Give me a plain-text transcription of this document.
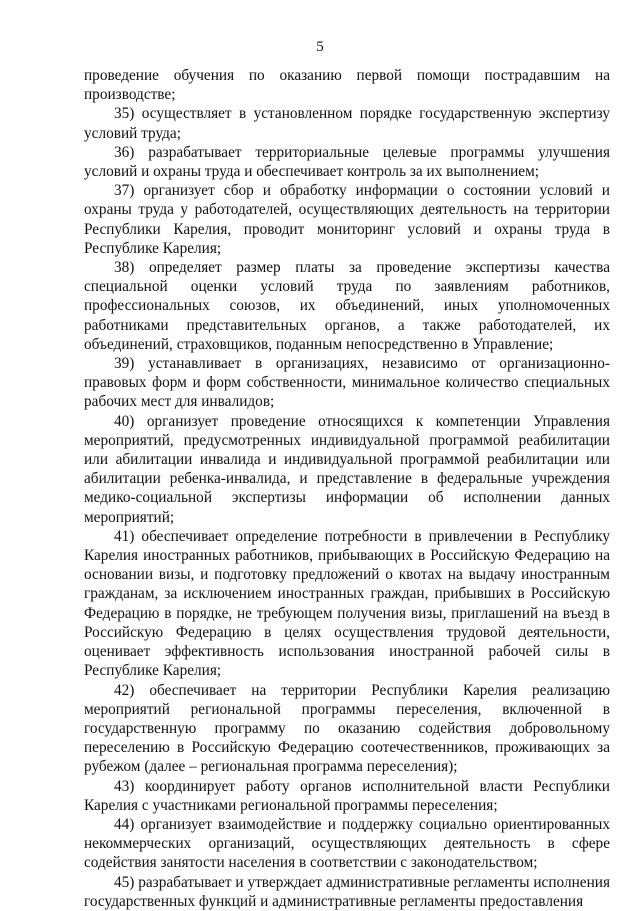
5

проведение обучения по оказанию первой помощи пострадавшим на производстве;

35) осуществляет в установленном порядке государственную экспертизу условий труда;

36) разрабатывает территориальные целевые программы улучшения условий и охраны труда и обеспечивает контроль за их выполнением;

37) организует сбор и обработку информации о состоянии условий и охраны труда у работодателей, осуществляющих деятельность на территории Республики Карелия, проводит мониторинг условий и охраны труда в Республике Карелия;

38) определяет размер платы за проведение экспертизы качества специальной оценки условий труда по заявлениям работников, профессиональных союзов, их объединений, иных уполномоченных работниками представительных органов, а также работодателей, их объединений, страховщиков, поданным непосредственно в Управление;

39) устанавливает в организациях, независимо от организационно-правовых форм и форм собственности, минимальное количество специальных рабочих мест для инвалидов;

40) организует проведение относящихся к компетенции Управления мероприятий, предусмотренных индивидуальной программой реабилитации или абилитации инвалида и индивидуальной программой реабилитации или абилитации ребенка-инвалида, и представление в федеральные учреждения медико-социальной экспертизы информации об исполнении данных мероприятий;

41) обеспечивает определение потребности в привлечении в Республику Карелия иностранных работников, прибывающих в Российскую Федерацию на основании визы, и подготовку предложений о квотах на выдачу иностранным гражданам, за исключением иностранных граждан, прибывших в Российскую Федерацию в порядке, не требующем получения визы, приглашений на въезд в Российскую Федерацию в целях осуществления трудовой деятельности, оценивает эффективность использования иностранной рабочей силы в Республике Карелия;

42) обеспечивает на территории Республики Карелия реализацию мероприятий региональной программы переселения, включенной в государственную программу по оказанию содействия добровольному переселению в Российскую Федерацию соотечественников, проживающих за рубежом (далее – региональная программа переселения);

43) координирует работу органов исполнительной власти Республики Карелия с участниками региональной программы переселения;

44) организует взаимодействие и поддержку социально ориентированных некоммерческих организаций, осуществляющих деятельность в сфере содействия занятости населения в соответствии с законодательством;

45) разрабатывает и утверждает административные регламенты исполнения государственных функций и административные регламенты предоставления
